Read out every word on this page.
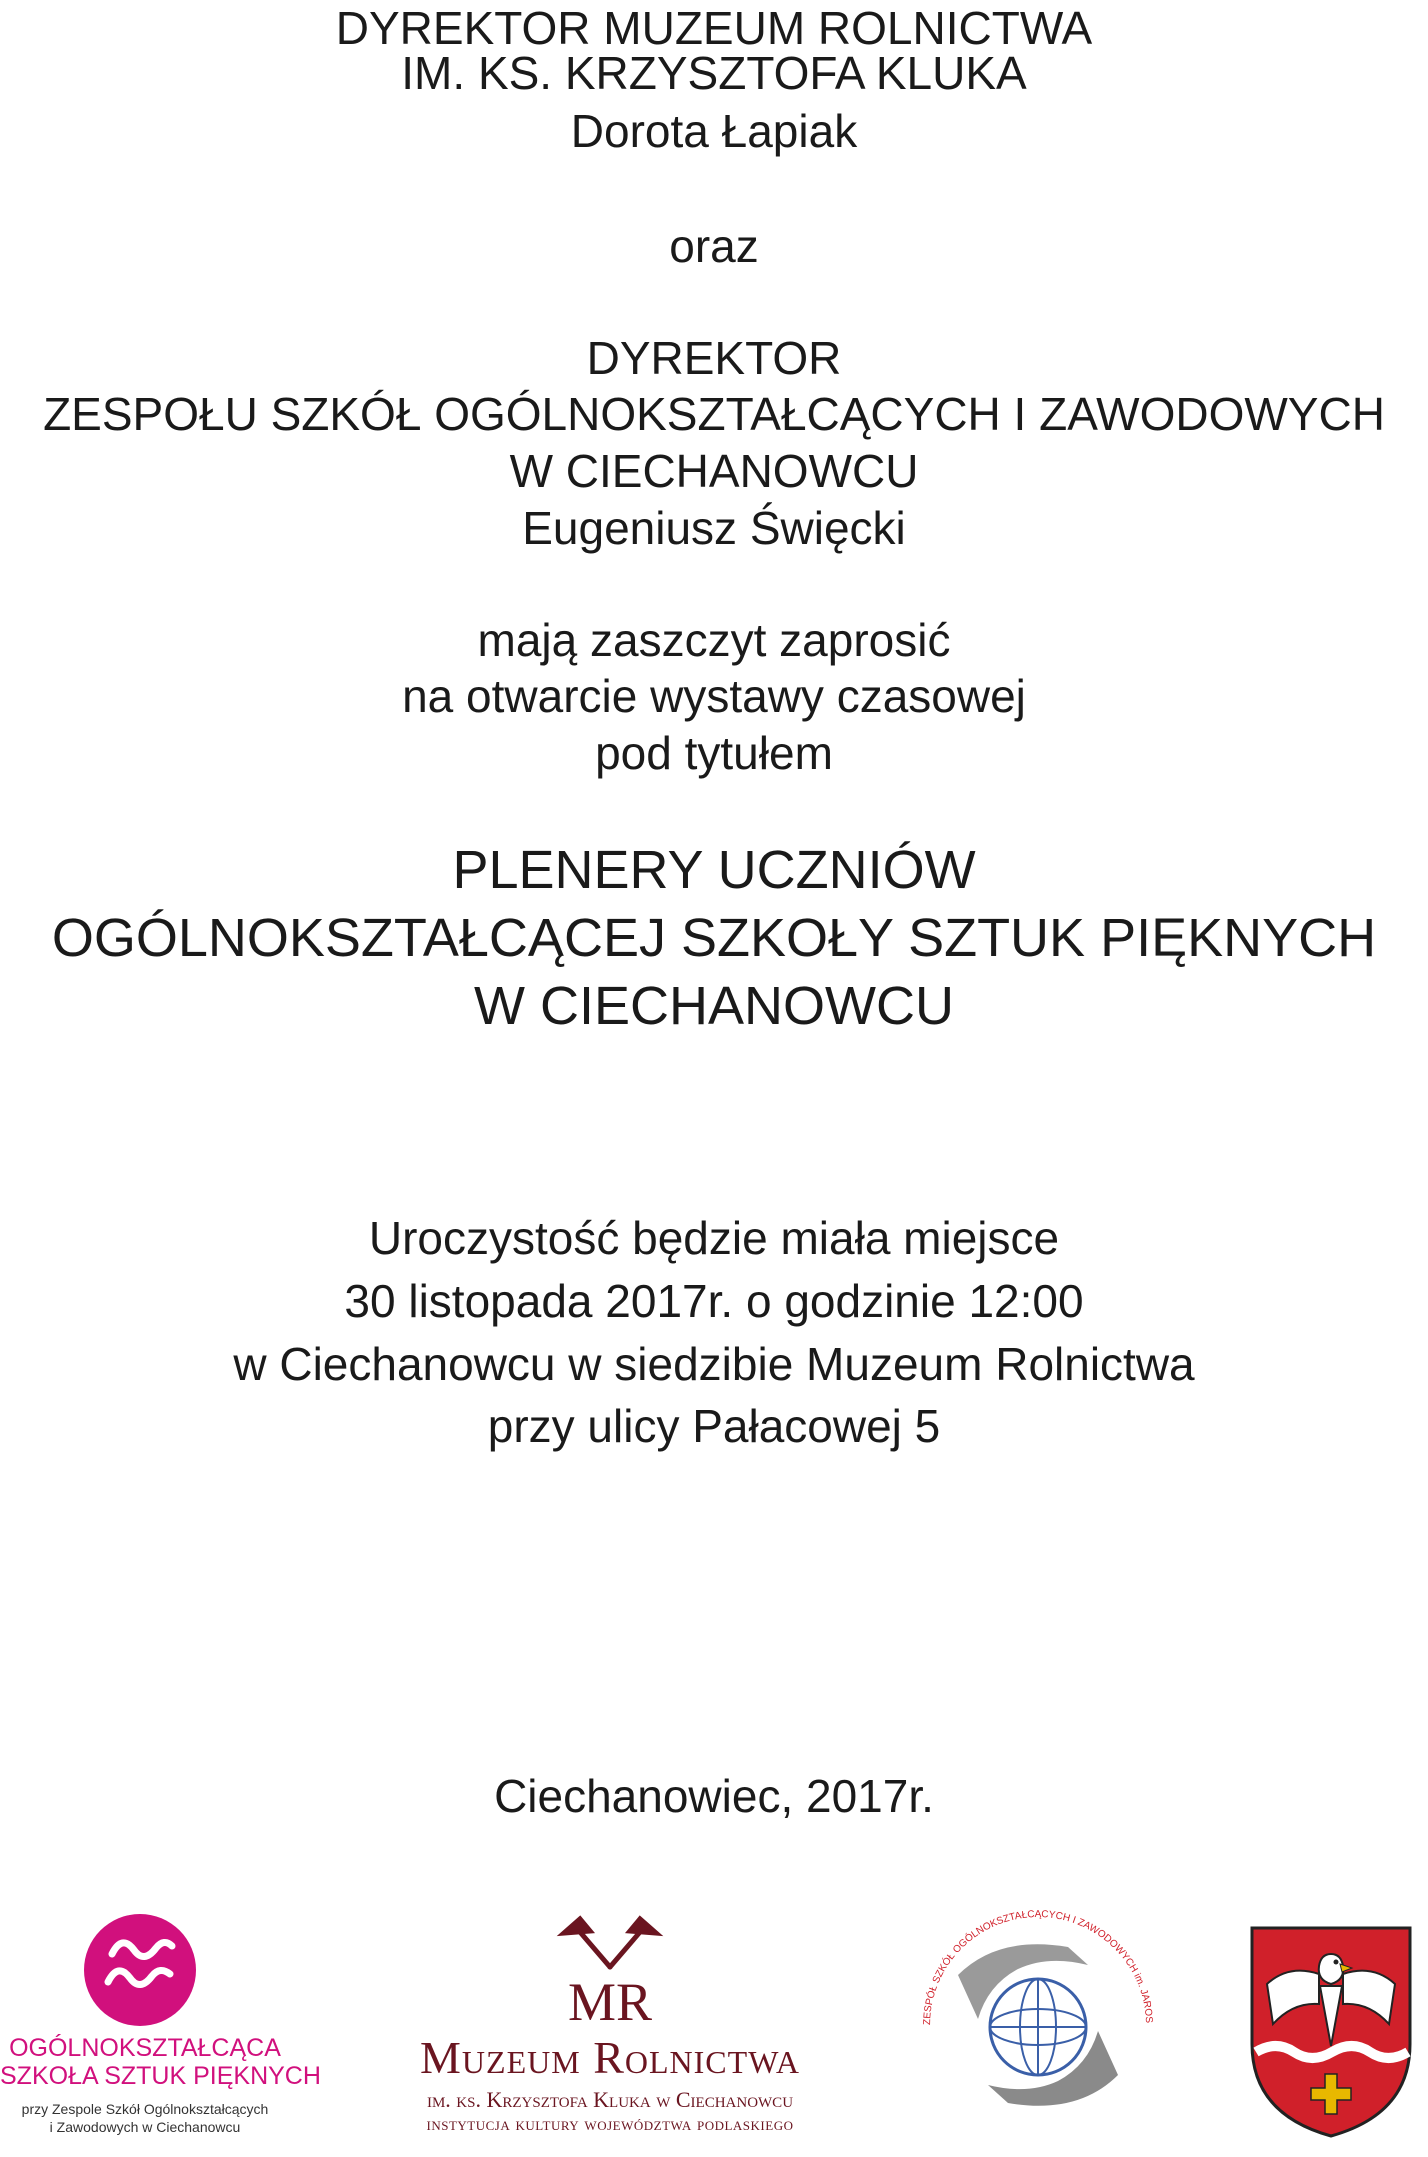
DYREKTOR MUZEUM ROLNICTWA
IM. KS. KRZYSZTOFA KLUKA
Dorota Łapiak
oraz
DYREKTOR
ZESPOŁU SZKÓŁ OGÓLNOKSZTAŁCĄCYCH I ZAWODOWYCH
W CIECHANOWCU
Eugeniusz Święcki
mają zaszczyt zaprosić
na otwarcie wystawy czasowej
pod tytułem
PLENERY UCZNIÓW
OGÓLNOKSZTAŁCĄCEJ SZKOŁY SZTUK PIĘKNYCH
W CIECHANOWCU
Uroczystość będzie miała miejsce
30 listopada 2017r. o godzinie 12:00
w Ciechanowcu w siedzibie Muzeum Rolnictwa
przy ulicy Pałacowej 5
Ciechanowiec, 2017r.
OGÓLNOKSZTAŁCĄCA
SZKOŁA SZTUK PIĘKNYCH
przy Zespole Szkół Ogólnokształcących
i Zawodowych w Ciechanowcu
MR
Muzeum Rolnictwa
im. ks. Krzysztofa Kluka w Ciechanowcu
instytucja kultury województwa podlaskiego
ZESPÓŁ SZKÓŁ OGÓLNOKSZTAŁCĄCYCH I ZAWODOWYCH im. JAROS
